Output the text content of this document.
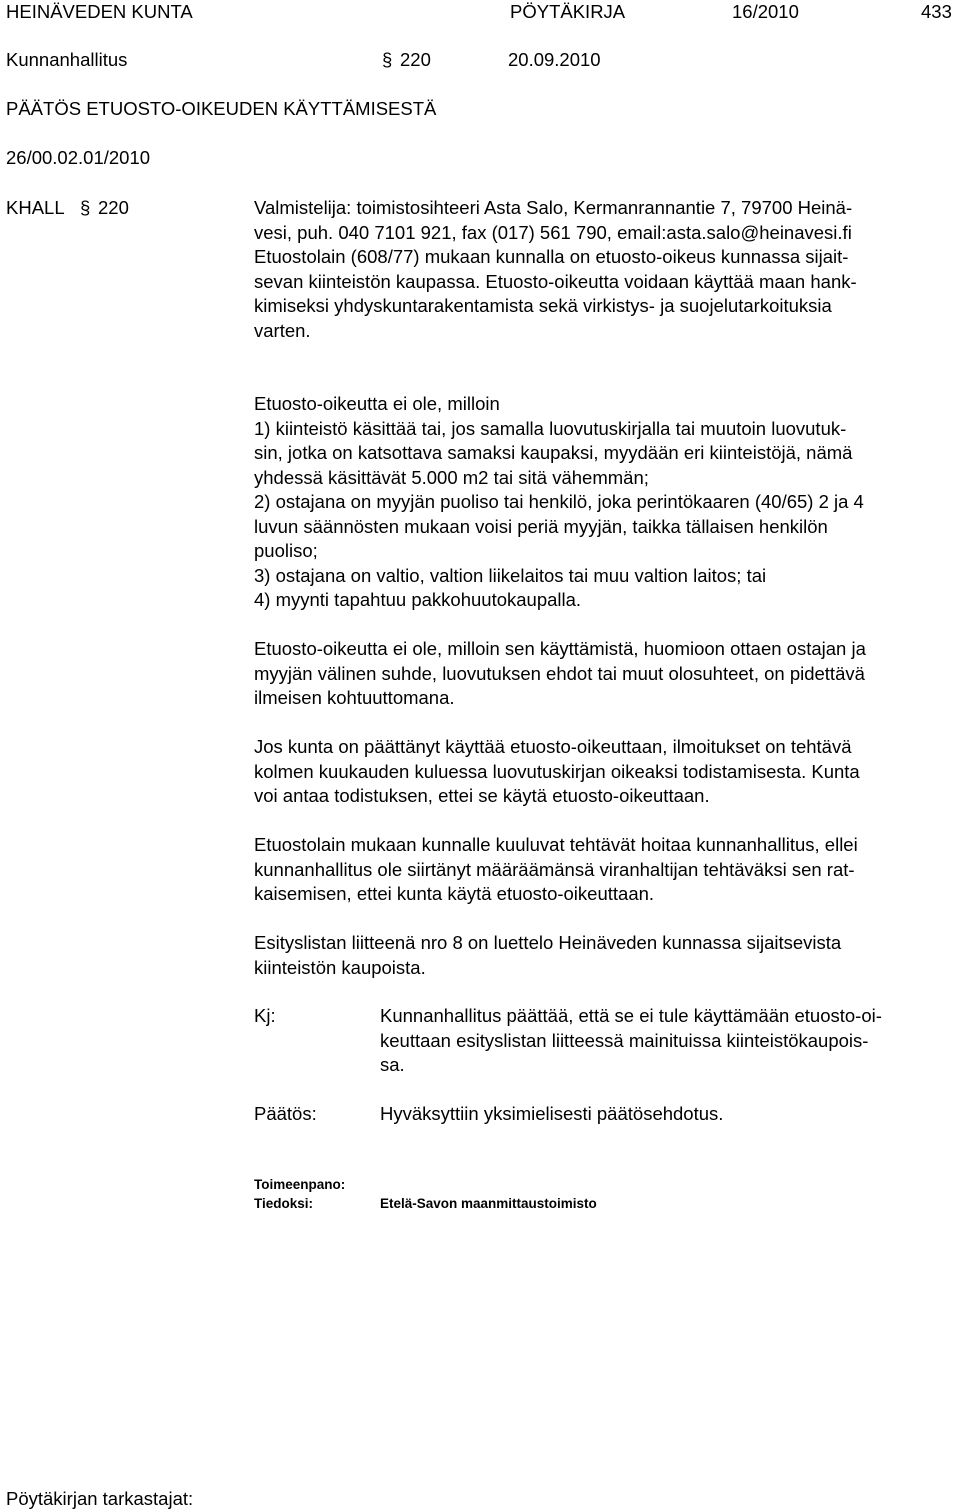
HEINÄVEDEN KUNTA	PÖYTÄKIRJA	16/2010	433
Kunnanhallitus	§ 220	20.09.2010
PÄÄTÖS ETUOSTO-OIKEUDEN KÄYTTÄMISESTÄ
26/00.02.01/2010
KHALL § 220	Valmistelija: toimistosihteeri Asta Salo, Kermanrannantie 7, 79700 Heinä-
vesi, puh. 040 7101 921, fax (017) 561 790, email:asta.salo@heinavesi.fi
Etuostolain (608/77) mukaan kunnalla on etuosto-oikeus kunnassa sijait-
sevan kiinteistön kaupassa. Etuosto-oikeutta voidaan käyttää maan hank-
kimiseksi yhdyskuntarakentamista sekä virkistys- ja suojelutarkoituksia
varten.
Etuosto-oikeutta ei ole, milloin
1) kiinteistö käsittää tai, jos samalla luovutuskirjalla tai muutoin luovutuk-
sin, jotka on katsottava samaksi kaupaksi, myydään eri kiinteistöjä, nämä
yhdessä käsittävät 5.000 m2 tai sitä vähemmän;
2) ostajana on myyjän puoliso tai henkilö, joka perintökaaren (40/65) 2 ja 4
luvun säännösten mukaan voisi periä myyjän, taikka tällaisen henkilön
puoliso;
3) ostajana on valtio, valtion liikelaitos tai muu valtion laitos; tai
4) myynti tapahtuu pakkohuutokaupalla.
Etuosto-oikeutta ei ole, milloin sen käyttämistä, huomioon ottaen ostajan ja
myyjän välinen suhde, luovutuksen ehdot tai muut olosuhteet, on pidettävä
ilmeisen kohtuuttomana.
Jos kunta on päättänyt käyttää etuosto-oikeuttaan, ilmoitukset on tehtävä
kolmen kuukauden kuluessa luovutuskirjan oikeaksi todistamisesta. Kunta
voi antaa todistuksen, ettei se käytä etuosto-oikeuttaan.
Etuostolain mukaan kunnalle kuuluvat tehtävät hoitaa kunnanhallitus, ellei
kunnanhallitus ole siirtänyt määräämänsä viranhaltijan tehtäväksi sen rat-
kaisemisen, ettei kunta käytä etuosto-oikeuttaan.
Esityslistan liitteenä nro 8 on luettelo Heinäveden kunnassa sijaitsevista
kiinteistön kaupoista.
Kj:	Kunnanhallitus päättää, että se ei tule käyttämään etuosto-oi-
keuttaan esityslistan liitteessä mainituissa kiinteistökaupois-
sa.
Päätös:	Hyväksyttiin yksimielisesti päätösehdotus.
Toimeenpano:
Tiedoksi:	Etelä-Savon maanmittaustoimisto
Pöytäkirjan tarkastajat:
